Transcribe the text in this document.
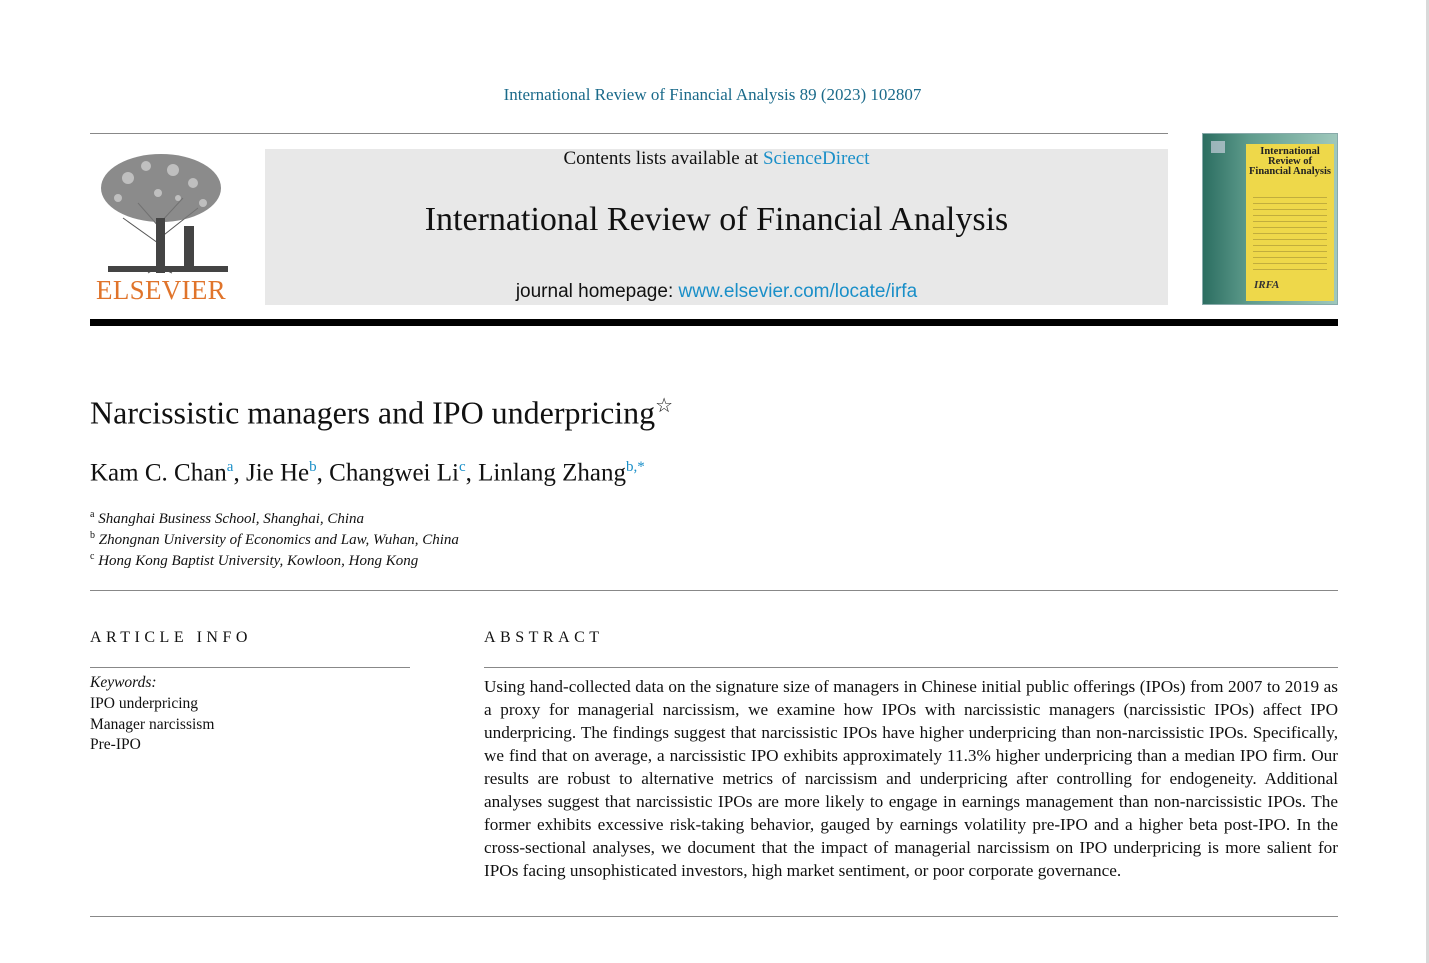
International Review of Financial Analysis 89 (2023) 102807
ELSEVIER
Contents lists available at ScienceDirect
International Review of Financial Analysis
journal homepage: www.elsevier.com/locate/irfa
International Review of Financial Analysis
IRFA
Narcissistic managers and IPO underpricing☆
Kam C. Chan$^a$, Jie He$^b$, Changwei Li$^c$, Linlang Zhang$^{b,*}$
$^a$ Shanghai Business School, Shanghai, China
$^b$ Zhongnan University of Economics and Law, Wuhan, China
$^c$ Hong Kong Baptist University, Kowloon, Hong Kong
ARTICLE INFO	ABSTRACT
Keywords:
IPO underpricing
Manager narcissism
Pre-IPO
Using hand-collected data on the signature size of managers in Chinese initial public offerings (IPOs) from 2007 to 2019 as a proxy for managerial narcissism, we examine how IPOs with narcissistic managers (narcissistic IPOs) affect IPO underpricing. The findings suggest that narcissistic IPOs have higher underpricing than non-narcissistic IPOs. Specifically, we find that on average, a narcissistic IPO exhibits approximately 11.3% higher underpricing than a median IPO firm. Our results are robust to alternative metrics of narcissism and underpricing after controlling for endogeneity. Additional analyses suggest that narcissistic IPOs are more likely to engage in earnings management than non-narcissistic IPOs. The former exhibits excessive risk-taking behavior, gauged by earnings volatility pre-IPO and a higher beta post-IPO. In the cross-sectional analyses, we document that the impact of managerial narcissism on IPO underpricing is more salient for IPOs facing unsophisticated investors, high market sentiment, or poor corporate governance.
